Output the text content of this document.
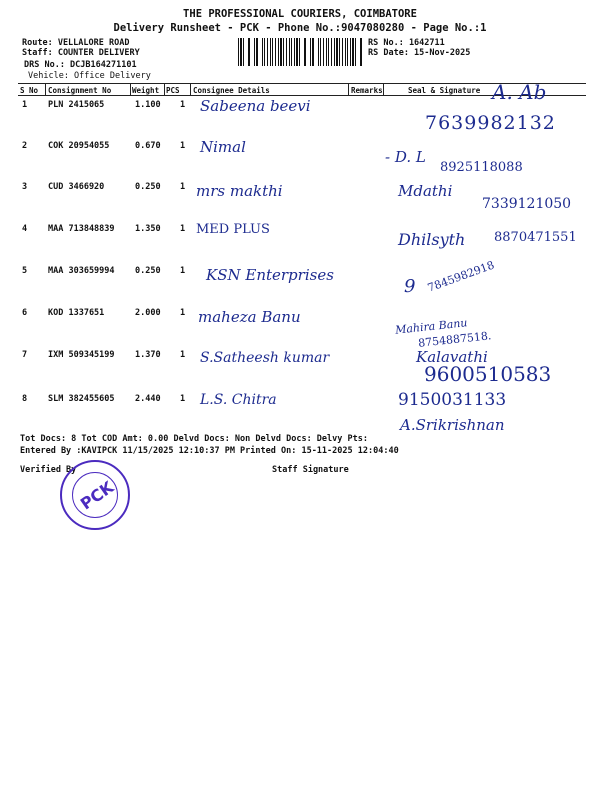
THE PROFESSIONAL COURIERS, COIMBATORE
Delivery Runsheet - PCK - Phone No.:9047080280 - Page No.:1
Route: VELLALORE ROAD
Staff: COUNTER DELIVERY
DRS No.: DCJB164271101
Vehicle: Office Delivery
RS No.: 1642711
RS Date: 15-Nov-2025
S No Consignment No	Weight PCS Consignee Details	Remarks	Seal & Signature
1 PLN 2415065	1.100 1 Sabeena beevi
A. Ab
7639982132
2 COK 20954055	0.670 1 Nimal
- D. L
8925118088
3 CUD 3466920	0.250 1 mrs makthi	Mdathi
7339121050
4 MAA 713848839 1.350 1 MED PLUS
Dhilsyth 8870471551
5 MAA 303659994 0.250 1 KSN Enterprises
9 7845982918
6 KOD 1337651	2.000 1 maheza Banu	Mahira Banu
8754887518.
7 IXM 509345199 1.370 1 S.Satheesh kumar	Kalavathi
9600510583
8 SLM 382455605 2.440 1 L.S. Chitra
A.Srikrishnan
9150031133
Tot Docs: 8 Tot COD Amt: 0.00 Delvd Docs: Non Delvd Docs: Delvy Pts:
Entered By :KAVIPCK 11/15/2025 12:10:37 PM Printed On: 15-11-2025 12:04:40
Verified By	Staff Signature
PCK
